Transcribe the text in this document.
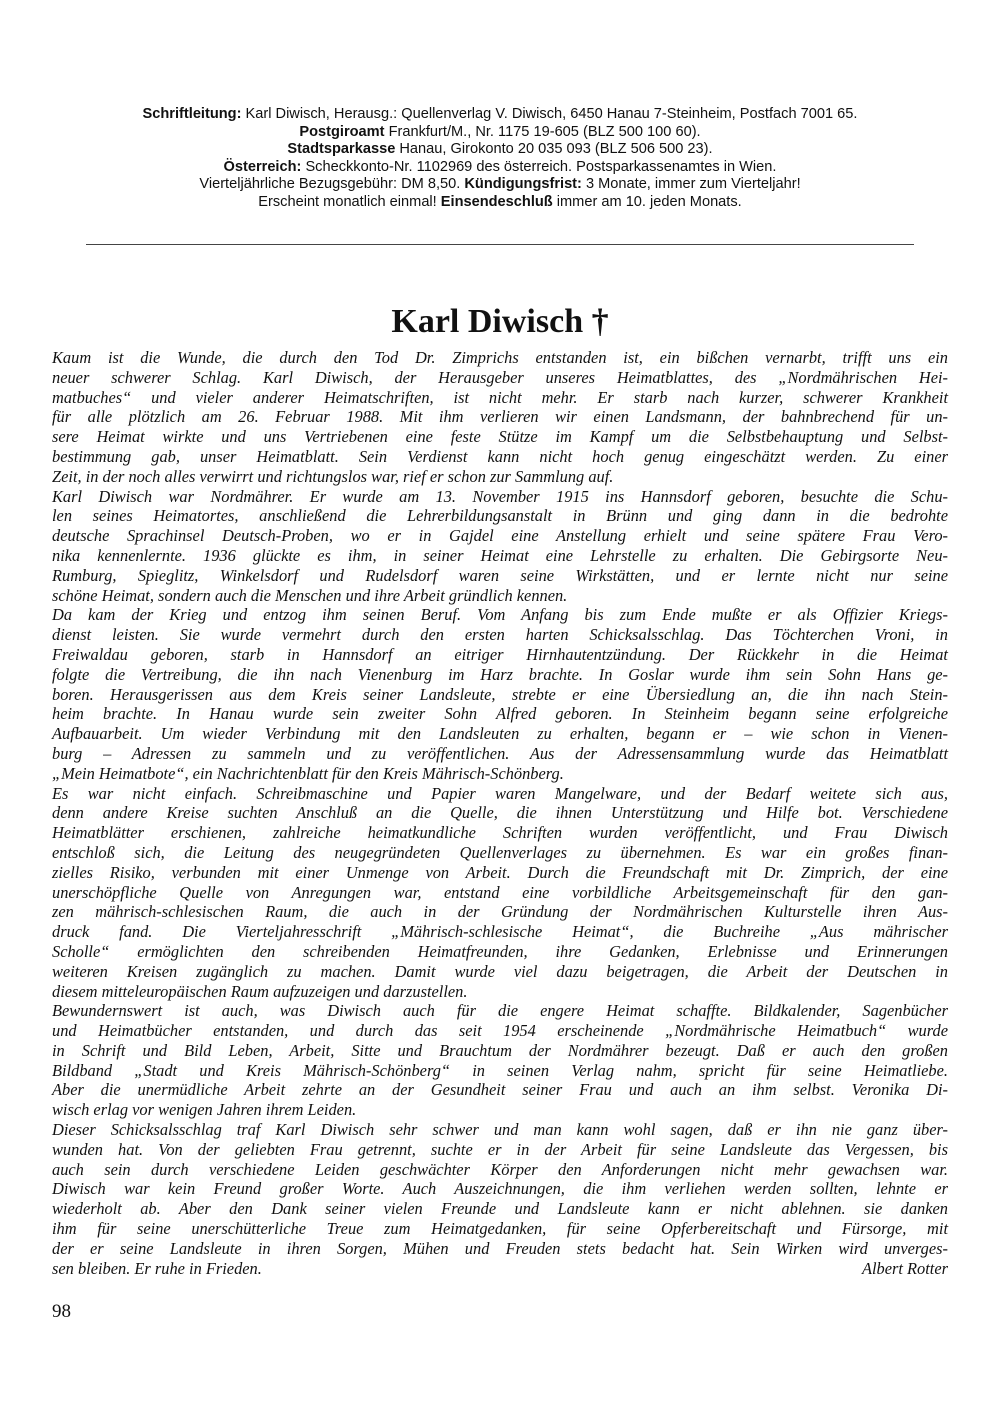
Schriftleitung: Karl Diwisch, Herausg.: Quellenverlag V. Diwisch, 6450 Hanau 7-Steinheim, Postfach 7001 65.
Postgiroamt Frankfurt/M., Nr. 1175 19-605 (BLZ 500 100 60).
Stadtsparkasse Hanau, Girokonto 20 035 093 (BLZ 506 500 23).
Österreich: Scheckkonto-Nr. 1102969 des österreich. Postsparkassenamtes in Wien.
Vierteljährliche Bezugsgebühr: DM 8,50. Kündigungsfrist: 3 Monate, immer zum Vierteljahr!
Erscheint monatlich einmal! Einsendeschluß immer am 10. jeden Monats.
Karl Diwisch †
Kaum ist die Wunde, die durch den Tod Dr. Zimprichs entstanden ist, ein bißchen vernarbt, trifft uns ein
neuer schwerer Schlag. Karl Diwisch, der Herausgeber unseres Heimatblattes, des „Nordmährischen Hei-
matbuches“ und vieler anderer Heimatschriften, ist nicht mehr. Er starb nach kurzer, schwerer Krankheit
für alle plötzlich am 26. Februar 1988. Mit ihm verlieren wir einen Landsmann, der bahnbrechend für un-
sere Heimat wirkte und uns Vertriebenen eine feste Stütze im Kampf um die Selbstbehauptung und Selbst-
bestimmung gab, unser Heimatblatt. Sein Verdienst kann nicht hoch genug eingeschätzt werden. Zu einer
Zeit, in der noch alles verwirrt und richtungslos war, rief er schon zur Sammlung auf.
Karl Diwisch war Nordmährer. Er wurde am 13. November 1915 ins Hannsdorf geboren, besuchte die Schu-
len seines Heimatortes, anschließend die Lehrerbildungsanstalt in Brünn und ging dann in die bedrohte
deutsche Sprachinsel Deutsch-Proben, wo er in Gajdel eine Anstellung erhielt und seine spätere Frau Vero-
nika kennenlernte. 1936 glückte es ihm, in seiner Heimat eine Lehrstelle zu erhalten. Die Gebirgsorte Neu-
Rumburg, Spieglitz, Winkelsdorf und Rudelsdorf waren seine Wirkstätten, und er lernte nicht nur seine
schöne Heimat, sondern auch die Menschen und ihre Arbeit gründlich kennen.
Da kam der Krieg und entzog ihm seinen Beruf. Vom Anfang bis zum Ende mußte er als Offizier Kriegs-
dienst leisten. Sie wurde vermehrt durch den ersten harten Schicksalsschlag. Das Töchterchen Vroni, in
Freiwaldau geboren, starb in Hannsdorf an eitriger Hirnhautentzündung. Der Rückkehr in die Heimat
folgte die Vertreibung, die ihn nach Vienenburg im Harz brachte. In Goslar wurde ihm sein Sohn Hans ge-
boren. Herausgerissen aus dem Kreis seiner Landsleute, strebte er eine Übersiedlung an, die ihn nach Stein-
heim brachte. In Hanau wurde sein zweiter Sohn Alfred geboren. In Steinheim begann seine erfolgreiche
Aufbauarbeit. Um wieder Verbindung mit den Landsleuten zu erhalten, begann er – wie schon in Vienen-
burg – Adressen zu sammeln und zu veröffentlichen. Aus der Adressensammlung wurde das Heimatblatt
„Mein Heimatbote“, ein Nachrichtenblatt für den Kreis Mährisch-Schönberg.
Es war nicht einfach. Schreibmaschine und Papier waren Mangelware, und der Bedarf weitete sich aus,
denn andere Kreise suchten Anschluß an die Quelle, die ihnen Unterstützung und Hilfe bot. Verschiedene
Heimatblätter erschienen, zahlreiche heimatkundliche Schriften wurden veröffentlicht, und Frau Diwisch
entschloß sich, die Leitung des neugegründeten Quellenverlages zu übernehmen. Es war ein großes finan-
zielles Risiko, verbunden mit einer Unmenge von Arbeit. Durch die Freundschaft mit Dr. Zimprich, der eine
unerschöpfliche Quelle von Anregungen war, entstand eine vorbildliche Arbeitsgemeinschaft für den gan-
zen mährisch-schlesischen Raum, die auch in der Gründung der Nordmährischen Kulturstelle ihren Aus-
druck fand. Die Vierteljahresschrift „Mährisch-schlesische Heimat“, die Buchreihe „Aus mährischer
Scholle“ ermöglichten den schreibenden Heimatfreunden, ihre Gedanken, Erlebnisse und Erinnerungen
weiteren Kreisen zugänglich zu machen. Damit wurde viel dazu beigetragen, die Arbeit der Deutschen in
diesem mitteleuropäischen Raum aufzuzeigen und darzustellen.
Bewundernswert ist auch, was Diwisch auch für die engere Heimat schaffte. Bildkalender, Sagenbücher
und Heimatbücher entstanden, und durch das seit 1954 erscheinende „Nordmährische Heimatbuch“ wurde
in Schrift und Bild Leben, Arbeit, Sitte und Brauchtum der Nordmährer bezeugt. Daß er auch den großen
Bildband „Stadt und Kreis Mährisch-Schönberg“ in seinen Verlag nahm, spricht für seine Heimatliebe.
Aber die unermüdliche Arbeit zehrte an der Gesundheit seiner Frau und auch an ihm selbst. Veronika Di-
wisch erlag vor wenigen Jahren ihrem Leiden.
Dieser Schicksalsschlag traf Karl Diwisch sehr schwer und man kann wohl sagen, daß er ihn nie ganz über-
wunden hat. Von der geliebten Frau getrennt, suchte er in der Arbeit für seine Landsleute das Vergessen, bis
auch sein durch verschiedene Leiden geschwächter Körper den Anforderungen nicht mehr gewachsen war.
Diwisch war kein Freund großer Worte. Auch Auszeichnungen, die ihm verliehen werden sollten, lehnte er
wiederholt ab. Aber den Dank seiner vielen Freunde und Landsleute kann er nicht ablehnen. sie danken
ihm für seine unerschütterliche Treue zum Heimatgedanken, für seine Opferbereitschaft und Fürsorge, mit
der er seine Landsleute in ihren Sorgen, Mühen und Freuden stets bedacht hat. Sein Wirken wird unverges-
sen bleiben. Er ruhe in Frieden.	Albert Rotter
98
